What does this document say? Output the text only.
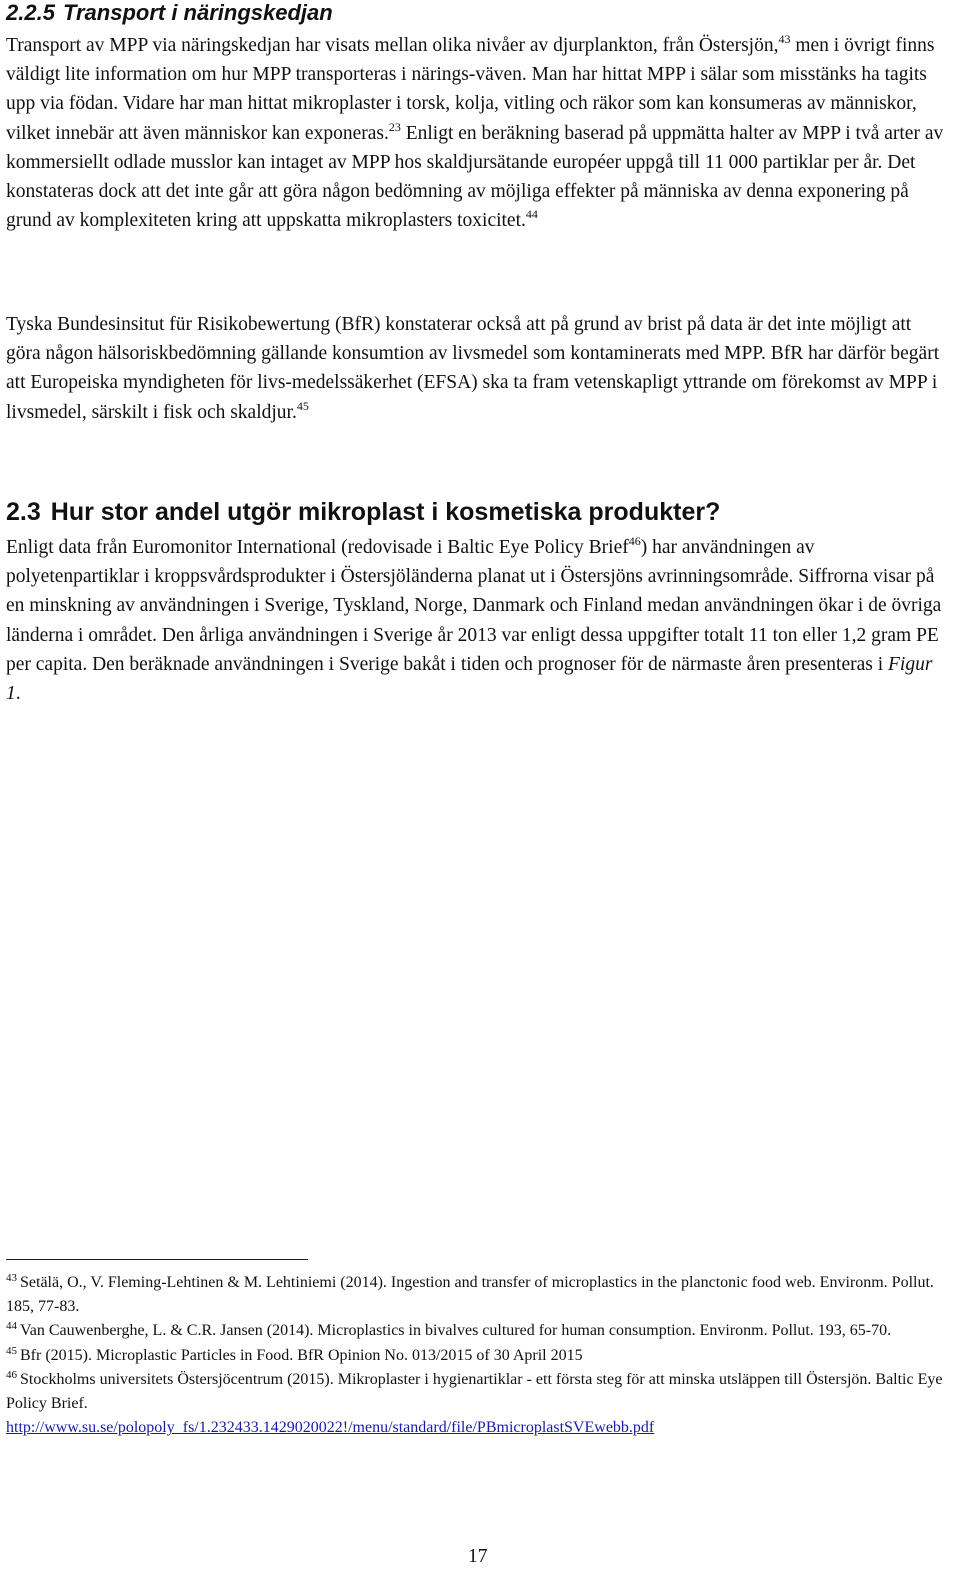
2.2.5 Transport i näringskedjan

Transport av MPP via näringskedjan har visats mellan olika nivåer av djurplankton, från Östersjön,$^{43}$ men i övrigt finns väldigt lite information om hur MPP transporteras i närings-väven. Man har hittat MPP i sälar som misstänks ha tagits upp via födan. Vidare har man hittat mikroplaster i torsk, kolja, vitling och räkor som kan konsumeras av människor, vilket innebär att även människor kan exponeras.$^{23}$ Enligt en beräkning baserad på uppmätta halter av MPP i två arter av kommersiellt odlade musslor kan intaget av MPP hos skaldjursätande européer uppgå till 11 000 partiklar per år. Det konstateras dock att det inte går att göra någon bedömning av möjliga effekter på människa av denna exponering på grund av komplexiteten kring att uppskatta mikroplasters toxicitet.$^{44}$

Tyska Bundesinsitut für Risikobewertung (BfR) konstaterar också att på grund av brist på data är det inte möjligt att göra någon hälsoriskbedömning gällande konsumtion av livsmedel som kontaminerats med MPP. BfR har därför begärt att Europeiska myndigheten för livs-medelssäkerhet (EFSA) ska ta fram vetenskapligt yttrande om förekomst av MPP i livsmedel, särskilt i fisk och skaldjur.$^{45}$

2.3 Hur stor andel utgör mikroplast i kosmetiska produkter?

Enligt data från Euromonitor International (redovisade i Baltic Eye Policy Brief$^{46}$) har användningen av polyetenpartiklar i kroppsvårdsprodukter i Östersjöländerna planat ut i Östersjöns avrinningsområde. Siffrorna visar på en minskning av användningen i Sverige, Tyskland, Norge, Danmark och Finland medan användningen ökar i de övriga länderna i området. Den årliga användningen i Sverige år 2013 var enligt dessa uppgifter totalt 11 ton eller 1,2 gram PE per capita. Den beräknade användningen i Sverige bakåt i tiden och prognoser för de närmaste åren presenteras i Figur 1.

$^{43}$ Setälä, O., V. Fleming-Lehtinen & M. Lehtiniemi (2014). Ingestion and transfer of microplastics in the planctonic food web. Environm. Pollut. 185, 77-83.
$^{44}$ Van Cauwenberghe, L. & C.R. Jansen (2014). Microplastics in bivalves cultured for human consumption. Environm. Pollut. 193, 65-70.
$^{45}$ Bfr (2015). Microplastic Particles in Food. BfR Opinion No. 013/2015 of 30 April 2015
$^{46}$ Stockholms universitets Östersjöcentrum (2015). Mikroplaster i hygienartiklar - ett första steg för att minska utsläppen till Östersjön. Baltic Eye Policy Brief.
http://www.su.se/polopoly_fs/1.232433.1429020022!/menu/standard/file/PBmicroplastSVEwebb.pdf
17
